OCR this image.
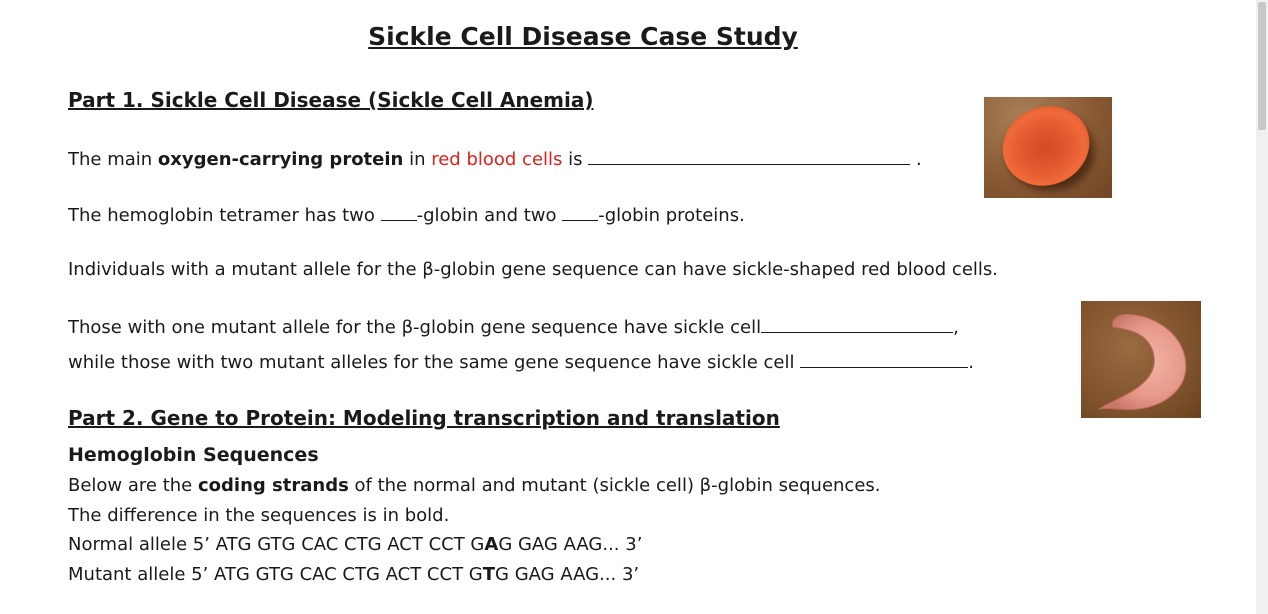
Sickle Cell Disease Case Study
Part 1. Sickle Cell Disease (Sickle Cell Anemia)

The main oxygen-carrying protein in red blood cells is	.

The hemoglobin tetramer has two -globin and two -globin proteins.

Individuals with a mutant allele for the β-globin gene sequence can have sickle-shaped red blood cells.

Those with one mutant allele for the β-globin gene sequence have sickle cell	,

while those with two mutant alleles for the same gene sequence have sickle cell	.

Part 2. Gene to Protein: Modeling transcription and translation
Hemoglobin Sequences

Below are the coding strands of the normal and mutant (sickle cell) β-globin sequences.

The difference in the sequences is in bold.

Normal allele 5’ ATG GTG CAC CTG ACT CCT GAG GAG AAG... 3’

Mutant allele 5’ ATG GTG CAC CTG ACT CCT GTG GAG AAG... 3’
